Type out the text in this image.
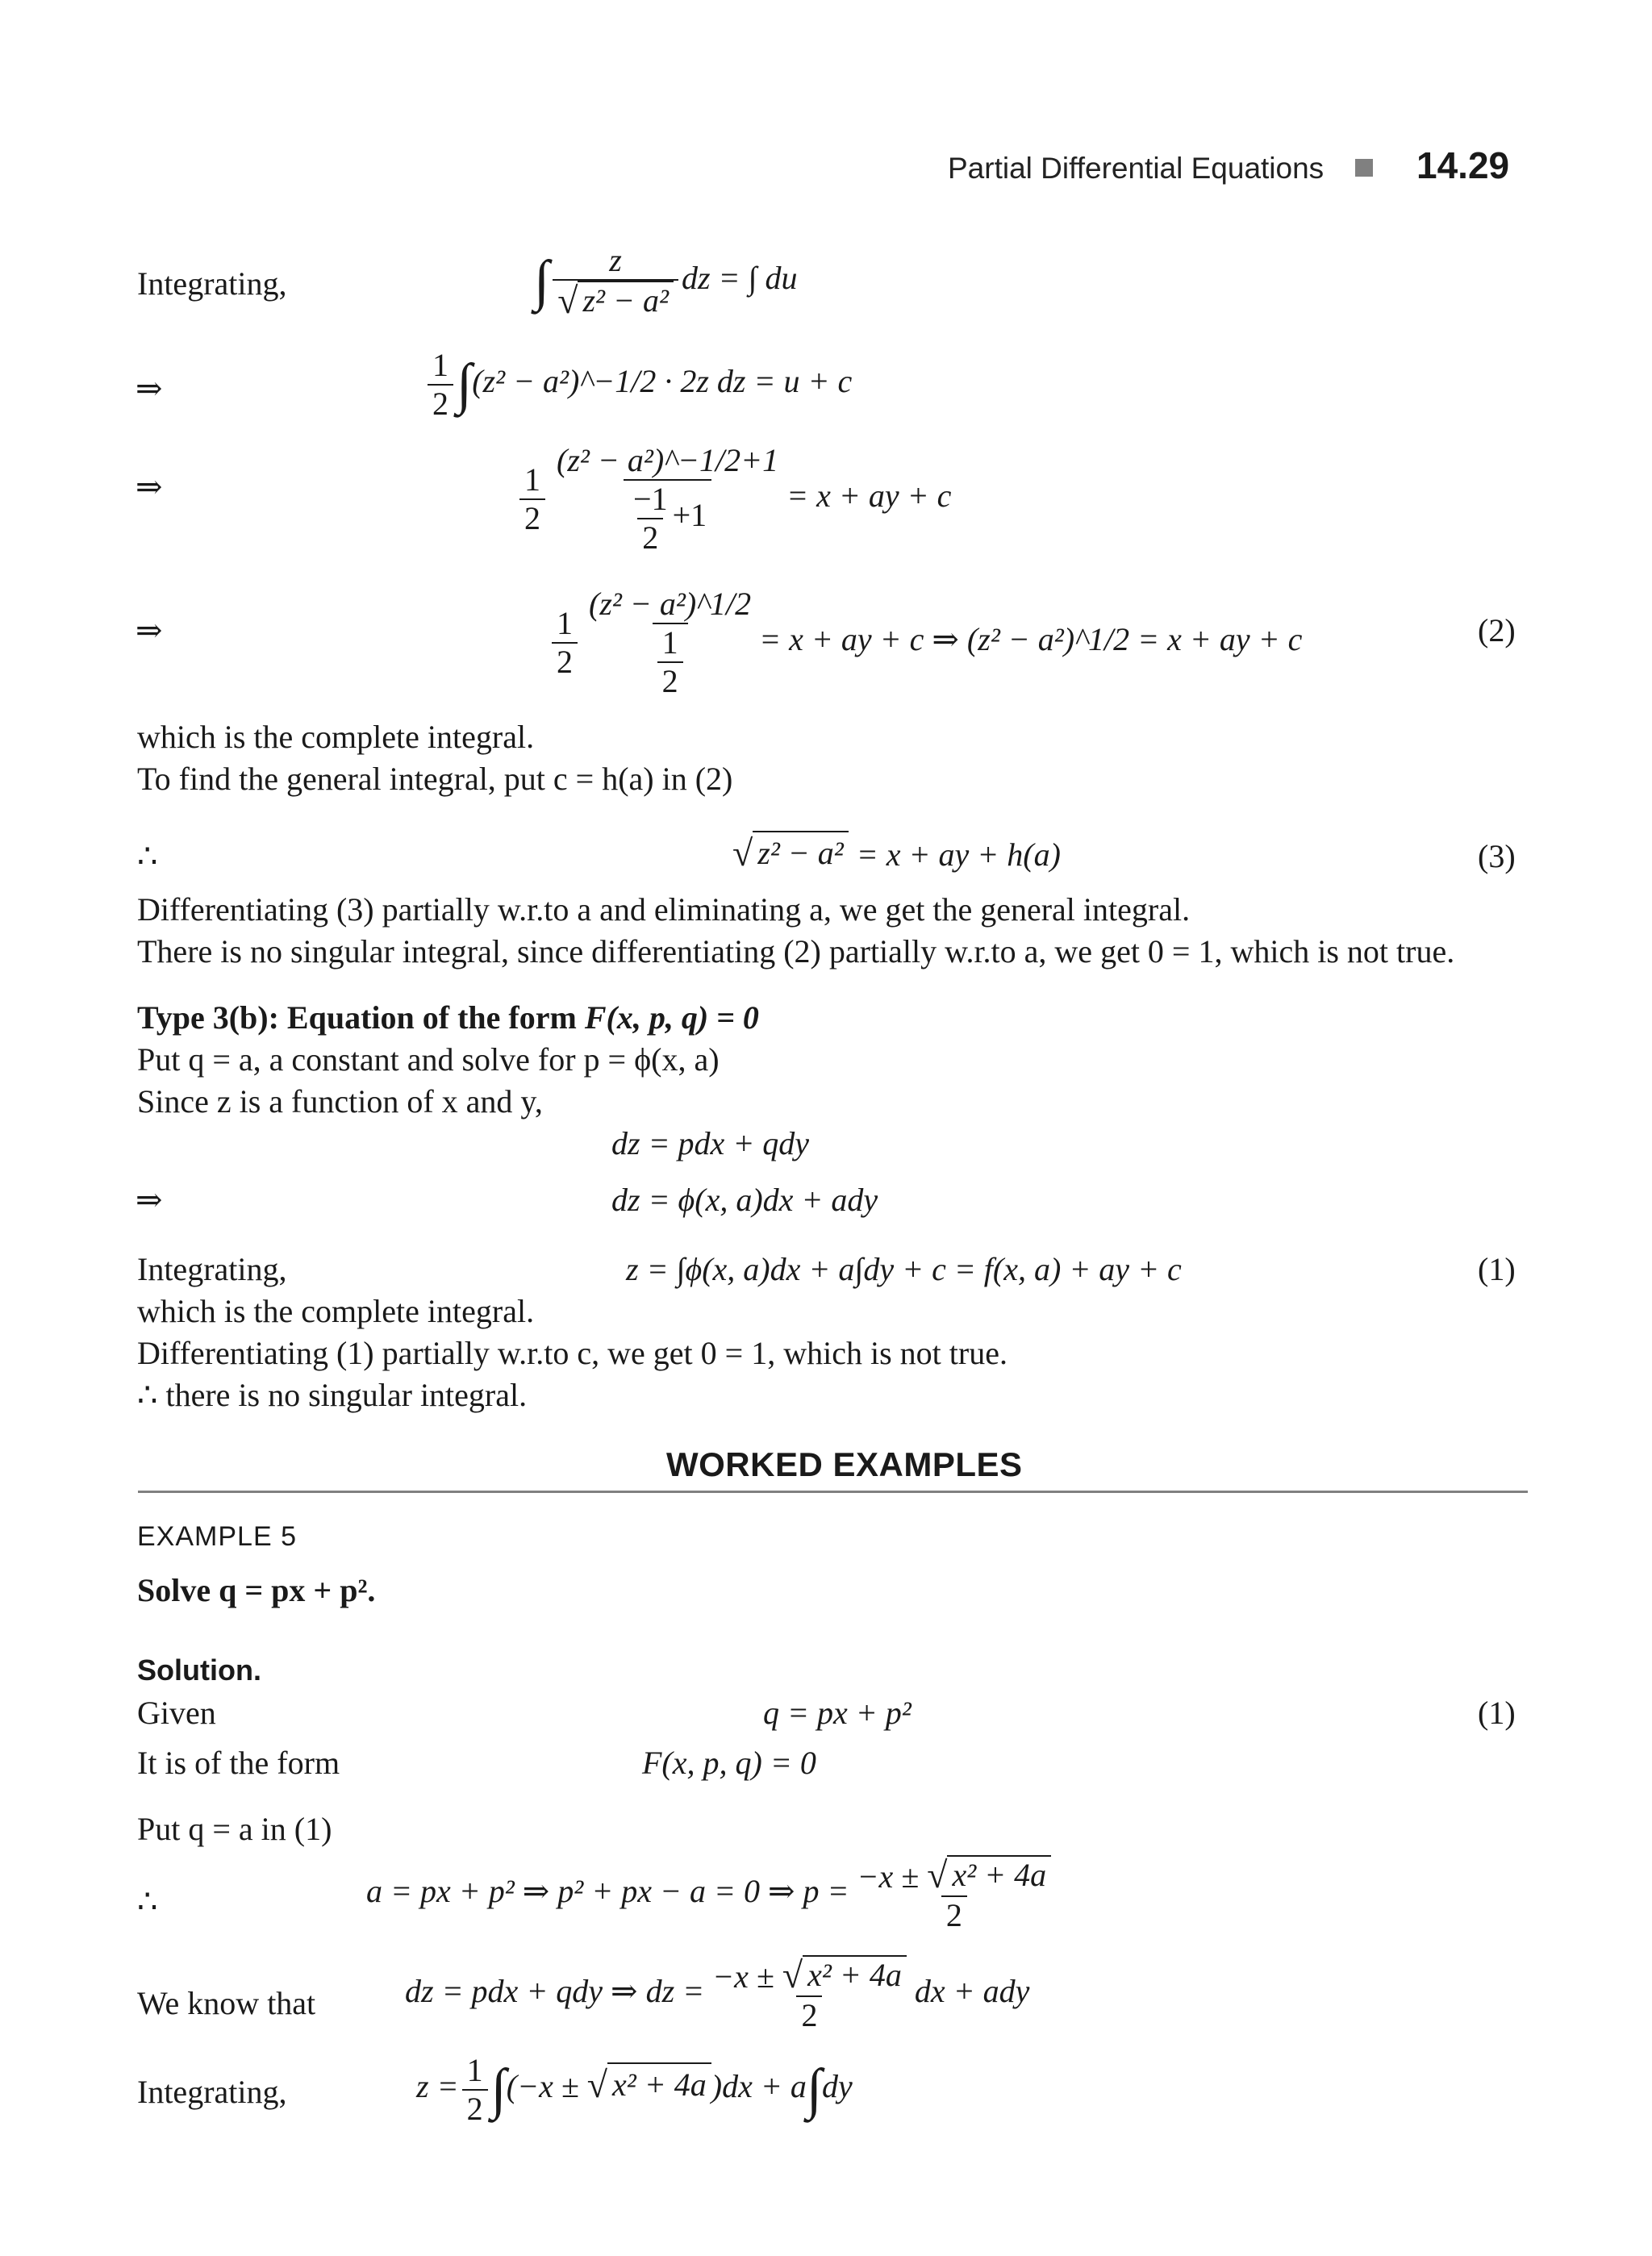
Partial Differential Equations 14.29
Integrating,	∫ $\frac{z}{\text{√ z² − a²}}$ dz = ∫ du
⇒	$\frac{1}{2} \int(z^2$ − a²)^−1/2 · 2z dz = u + c
⇒	$\frac{1}{2} \frac{\text{(z² − a²)\textasciicircum{}−1/2+1}}{\frac{-1}{2} +1} = x$ + ay + c
⇒	$\frac{1}{2} \frac{\text{(z² − a²)\textasciicircum{}1/2}}{\frac{1}{2}} = x$ + ay + c ⇒ (z² − a²)^1/2 = x + ay + c	(2)
which is the complete integral.
To find the general integral, put c = h(a) in (2)
∴	√ z² − a² = x + ay + h(a)	(3)
Differentiating (3) partially w.r.to a and eliminating a, we get the general integral.
There is no singular integral, since differentiating (2) partially w.r.to a, we get 0 = 1, which is not true.
Type 3(b): Equation of the form F(x, p, q) = 0
Put q = a, a constant and solve for p = ϕ(x, a)
Since z is a function of x and y,
dz = pdx + qdy
⇒	dz = ϕ(x, a)dx + ady
Integrating,	z = ∫ϕ(x, a)dx + a∫dy + c = f(x, a) + ay + c	(1)
which is the complete integral.
Differentiating (1) partially w.r.to c, we get 0 = 1, which is not true.
∴ there is no singular integral.
WORKED EXAMPLES
EXAMPLE 5
Solve q = px + p².
Solution.
Given	q = px + p²	(1)
It is of the form	F(x, p, q) = 0
Put q = a in (1)
∴	a = px + p² ⇒ p² + px − a = 0 ⇒ $p = \frac{\text{−x ± √ x² + 4a}}{2}$
We know that	dz = pdx + qdy ⇒ dz = $\frac{\text{−x ± √ x² + 4a}}{2}$ dx + ady
Integrating,	$z = \frac{1}{2} \int(-x$ ± √ x² + 4a )dx + a∫dy
